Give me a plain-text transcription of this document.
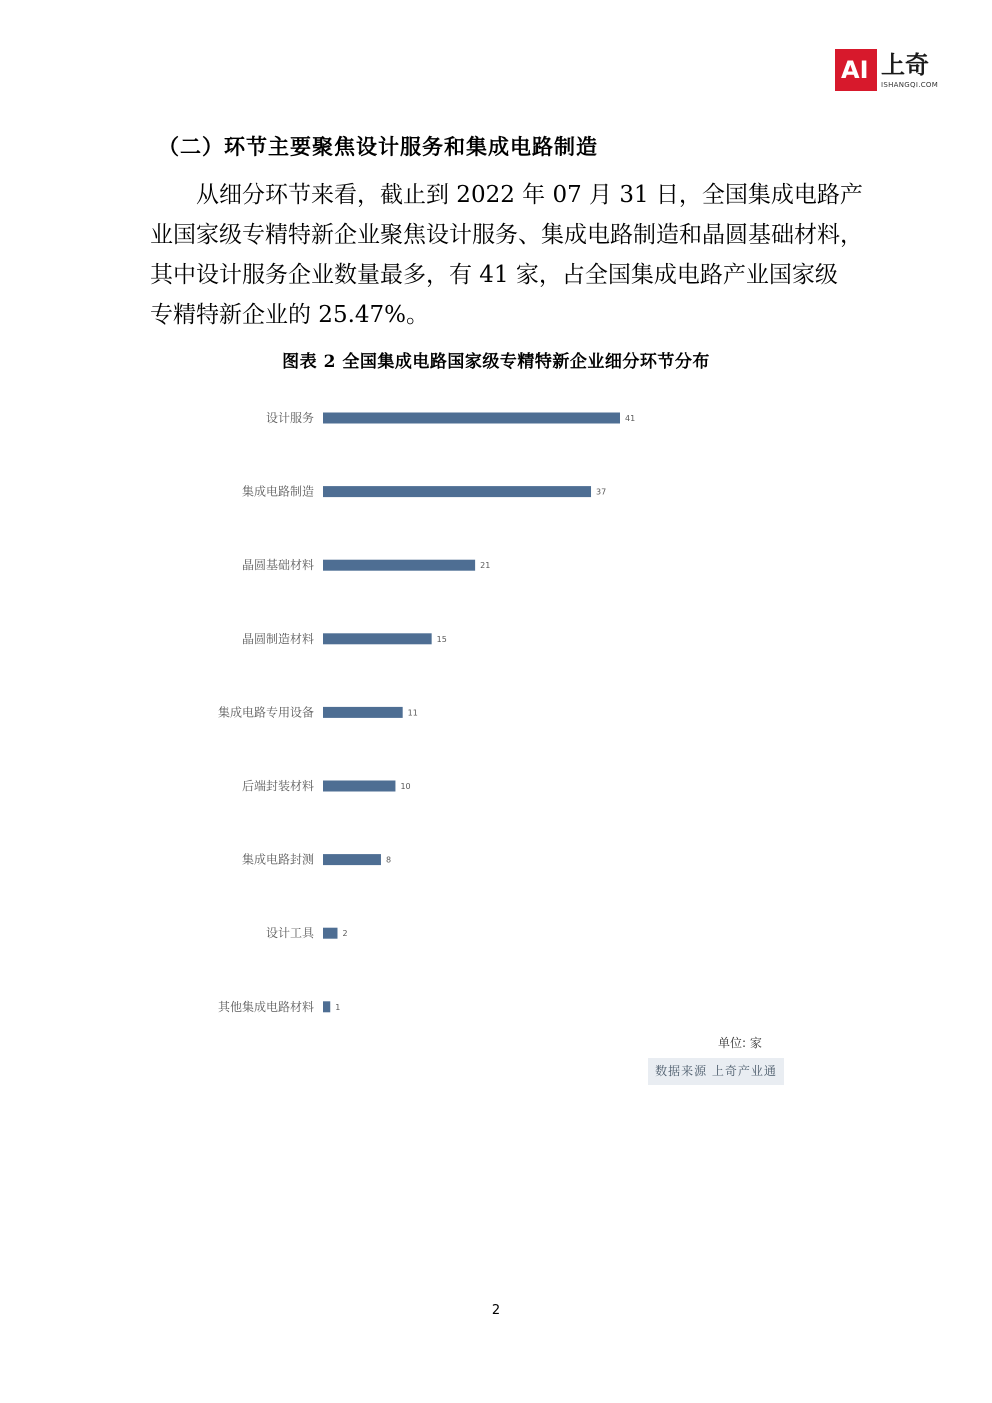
AI 上奇
ISHANGQI.COM
（二）环节主要聚焦设计服务和集成电路制造

从细分环节来看，截止到 2022 年 07 月 31 日，全国集成电路产

业国家级专精特新企业聚焦设计服务、集成电路制造和晶圆基础材料，

其中设计服务企业数量最多，有 41 家，占全国集成电路产业国家级

专精特新企业的 25.47%。

图表 2 全国集成电路国家级专精特新企业细分环节分布
设计服务	41
集成电路制造	37
晶圆基础材料	21
晶圆制造材料	15
集成电路专用设备	11
后端封装材料	10
集成电路封测	8
设计工具	2
其他集成电路材料	1
单位: 家
数据来源 上奇产业通
2
